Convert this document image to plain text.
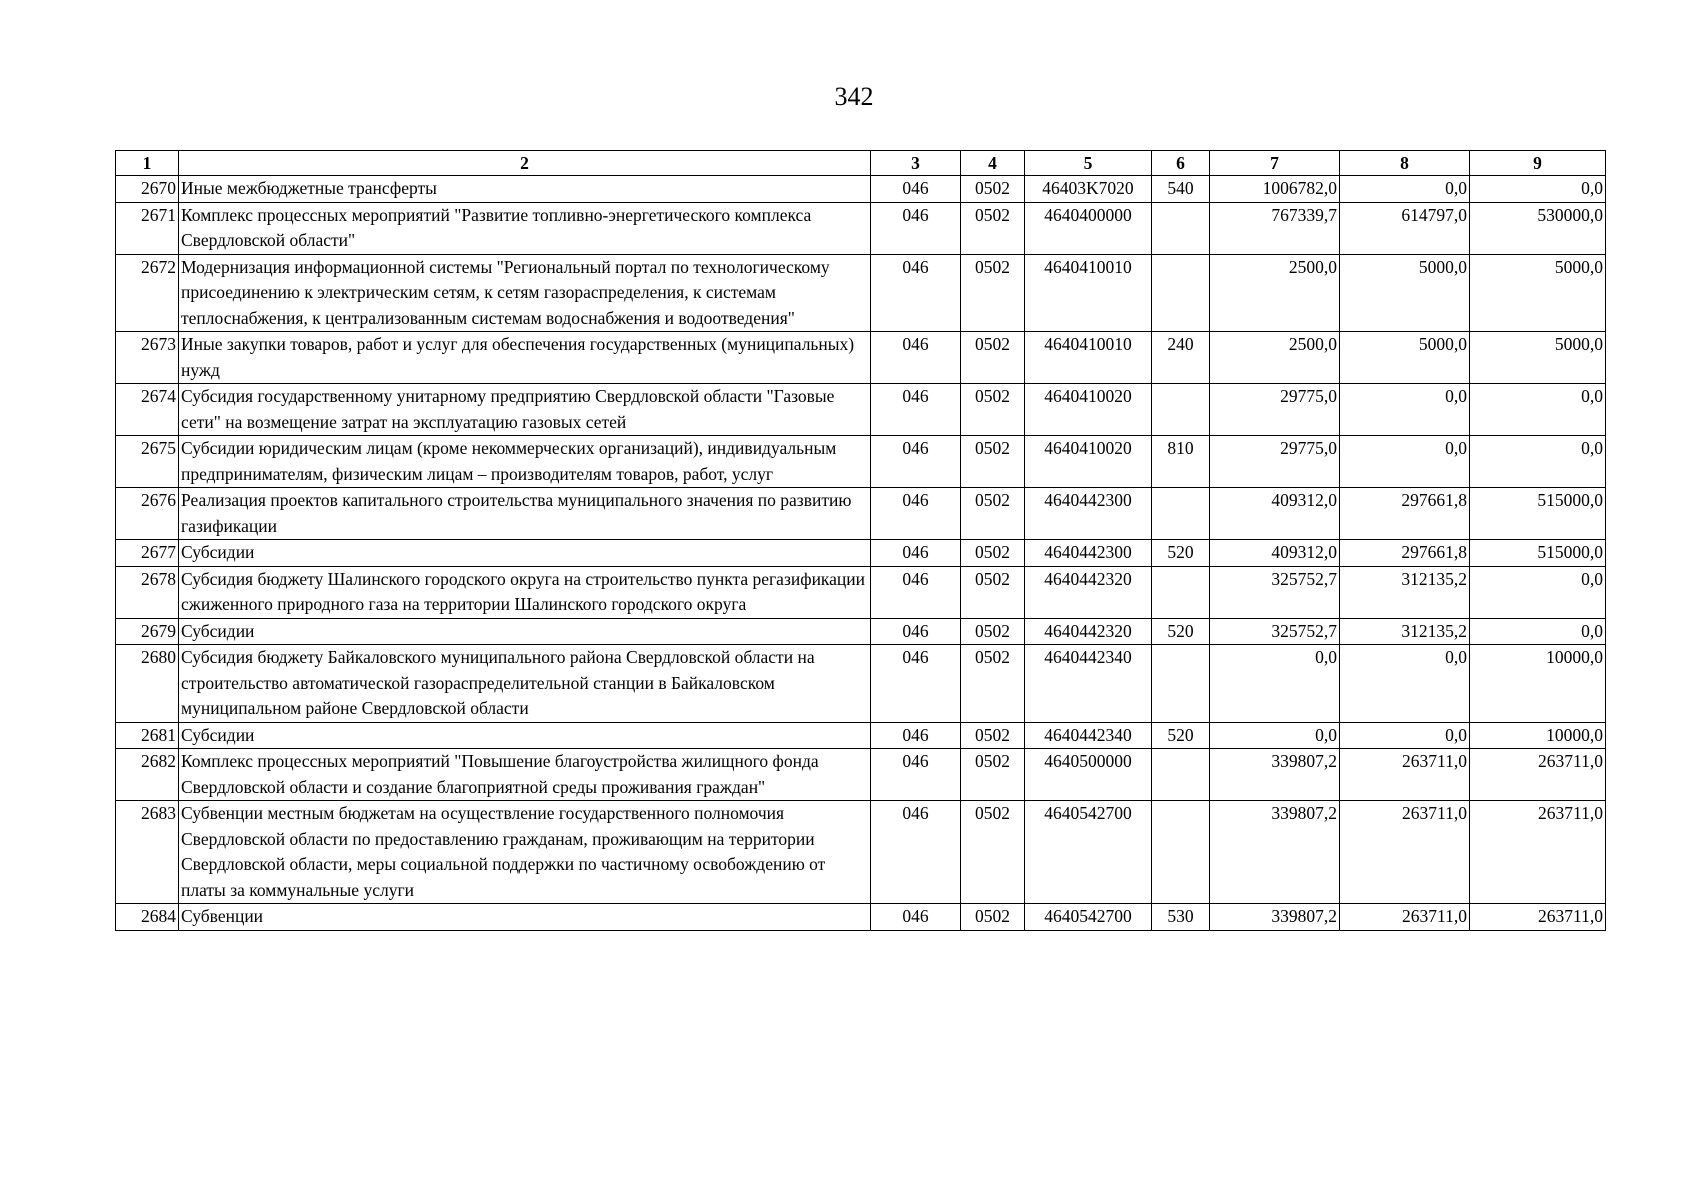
342
1	2	3	4	5	6	7	8	9
2670	Иные межбюджетные трансферты	046	0502	46403K7020	540	1006782,0	0,0	0,0
2671	Комплекс процессных мероприятий "Развитие топливно-энергетического комплекса Свердловской области"	046	0502	4640400000		767339,7	614797,0	530000,0
2672	Модернизация информационной системы "Региональный портал по технологическому присоединению к электрическим сетям, к сетям газораспределения, к системам теплоснабжения, к централизованным системам водоснабжения и водоотведения"	046	0502	4640410010		2500,0	5000,0	5000,0
2673	Иные закупки товаров, работ и услуг для обеспечения государственных (муниципальных) нужд	046	0502	4640410010	240	2500,0	5000,0	5000,0
2674	Субсидия государственному унитарному предприятию Свердловской области "Газовые сети" на возмещение затрат на эксплуатацию газовых сетей	046	0502	4640410020		29775,0	0,0	0,0
2675	Субсидии юридическим лицам (кроме некоммерческих организаций), индивидуальным предпринимателям, физическим лицам – производителям товаров, работ, услуг	046	0502	4640410020	810	29775,0	0,0	0,0
2676	Реализация проектов капитального строительства муниципального значения по развитию газификации	046	0502	4640442300		409312,0	297661,8	515000,0
2677	Субсидии	046	0502	4640442300	520	409312,0	297661,8	515000,0
2678	Субсидия бюджету Шалинского городского округа на строительство пункта регазификации сжиженного природного газа на территории Шалинского городского округа	046	0502	4640442320		325752,7	312135,2	0,0
2679	Субсидии	046	0502	4640442320	520	325752,7	312135,2	0,0
2680	Субсидия бюджету Байкаловского муниципального района Свердловской области на строительство автоматической газораспределительной станции в Байкаловском муниципальном районе Свердловской области	046	0502	4640442340		0,0	0,0	10000,0
2681	Субсидии	046	0502	4640442340	520	0,0	0,0	10000,0
2682	Комплекс процессных мероприятий "Повышение благоустройства жилищного фонда Свердловской области и создание благоприятной среды проживания граждан"	046	0502	4640500000		339807,2	263711,0	263711,0
2683	Субвенции местным бюджетам на осуществление государственного полномочия Свердловской области по предоставлению гражданам, проживающим на территории Свердловской области, меры социальной поддержки по частичному освобождению от платы за коммунальные услуги	046	0502	4640542700		339807,2	263711,0	263711,0
2684	Субвенции	046	0502	4640542700	530	339807,2	263711,0	263711,0
